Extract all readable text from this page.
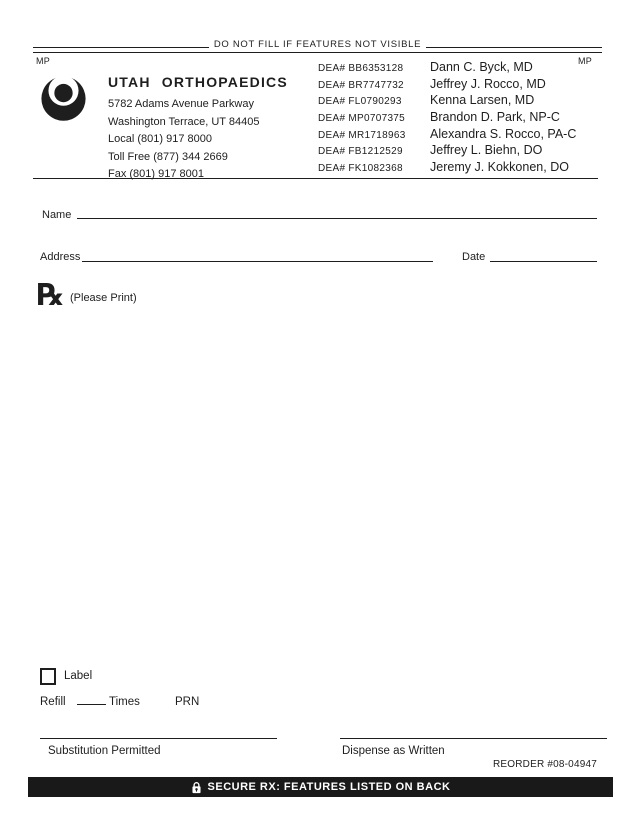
DO NOT FILL IF FEATURES NOT VISIBLE
MP	MP
UTAH ORTHOPAEDICS
5782 Adams Avenue Parkway
Washington Terrace, UT 84405
Local (801) 917 8000
Toll Free (877) 344 2669
Fax (801) 917 8001
DEA# BB6353128	Dann C. Byck, MD
DEA# BR7747732	Jeffrey J. Rocco, MD
DEA# FL0790293	Kenna Larsen, MD
DEA# MP0707375	Brandon D. Park, NP-C
DEA# MR1718963	Alexandra S. Rocco, PA-C
DEA# FB1212529	Jeffrey L. Biehn, DO
DEA# FK1082368	Jeremy J. Kokkonen, DO
Name
Address	Date
℞ (Please Print)
Label
Refill	Times	PRN
Substitution Permitted	Dispense as Written
REORDER #08-04947
SECURE RX: FEATURES LISTED ON BACK
